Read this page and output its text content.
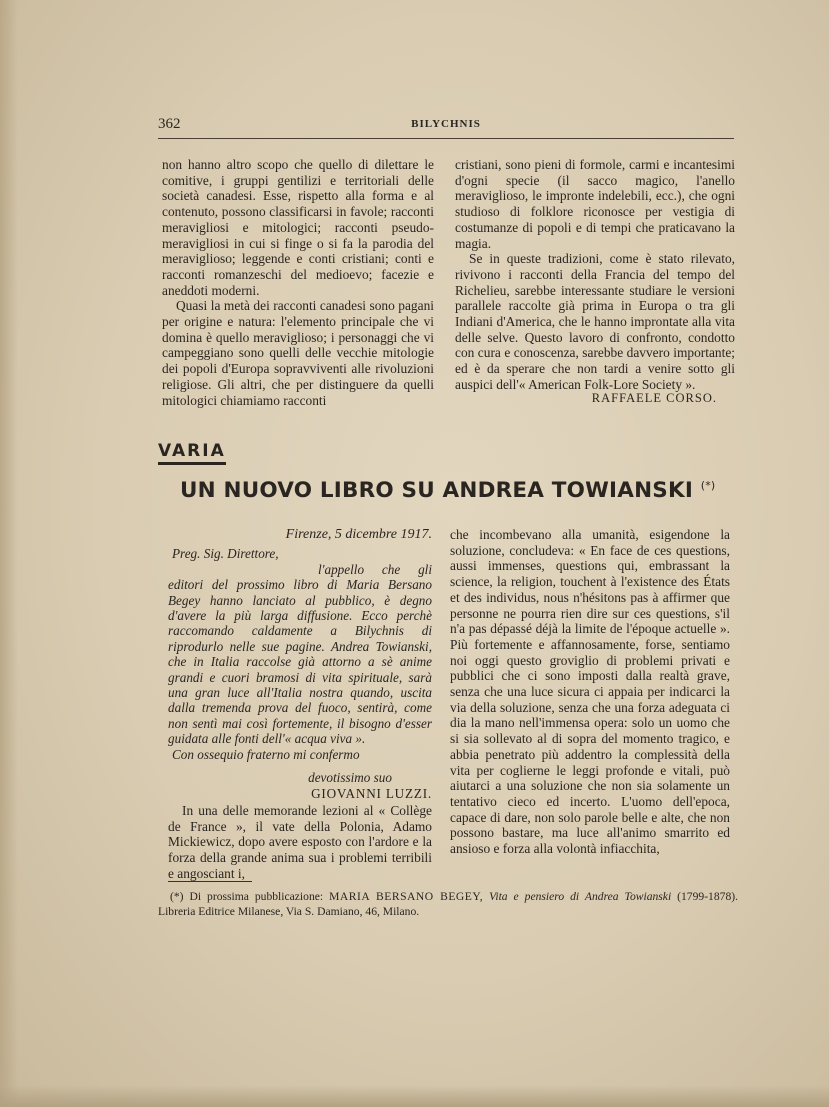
362	BILYCHNIS

non hanno altro scopo che quello di dilettare le comitive, i gruppi gentilizi e territoriali delle società canadesi. Esse, rispetto alla forma e al contenuto, possono classificarsi in favole; racconti meravigliosi e mitologici; racconti pseudo-meravigliosi in cui si finge o si fa la parodia del meraviglioso; leggende e conti cristiani; conti e racconti romanzeschi del medioevo; facezie e aneddoti moderni.

Quasi la metà dei racconti canadesi sono pagani per origine e natura: l'elemento principale che vi domina è quello meraviglioso; i personaggi che vi campeggiano sono quelli delle vecchie mitologie dei popoli d'Europa sopravviventi alle rivoluzioni religiose. Gli altri, che per distinguere da quelli mitologici chiamiamo racconti

cristiani, sono pieni di formole, carmi e incantesimi d'ogni specie (il sacco magico, l'anello meraviglioso, le impronte indelebili, ecc.), che ogni studioso di folklore riconosce per vestigia di costumanze di popoli e di tempi che praticavano la magia.

Se in queste tradizioni, come è stato rilevato, rivivono i racconti della Francia del tempo del Richelieu, sarebbe interessante studiare le versioni parallele raccolte già prima in Europa o tra gli Indiani d'America, che le hanno improntate alla vita delle selve. Questo lavoro di confronto, condotto con cura e conoscenza, sarebbe davvero importante; ed è da sperare che non tardi a venire sotto gli auspici dell'« American Folk-Lore Society ».

RAFFAELE CORSO.
VARIA
UN NUOVO LIBRO SU ANDREA TOWIANSKI (*)

Firenze, 5 dicembre 1917.

Preg. Sig. Direttore,

l'appello che gli editori del prossimo libro di Maria Bersano Begey hanno lanciato al pubblico, è degno d'avere la più larga diffusione. Ecco perchè raccomando caldamente a Bilychnis di riprodurlo nelle sue pagine. Andrea Towianski, che in Italia raccolse già attorno a sè anime grandi e cuori bramosi di vita spirituale, sarà una gran luce all'Italia nostra quando, uscita dalla tremenda prova del fuoco, sentirà, come non sentì mai così fortemente, il bisogno d'esser guidata alle fonti dell'« acqua viva ».

Con ossequio fraterno mi confermo

devotissimo suo

GIOVANNI LUZZI.

In una delle memorande lezioni al « Collège de France », il vate della Polonia, Adamo Mickiewicz, dopo avere esposto con l'ardore e la forza della grande anima sua i problemi terribili e angosciant i,

che incombevano alla umanità, esigendone la soluzione, concludeva: « En face de ces questions, aussi immenses, questions qui, embrassant la science, la religion, touchent à l'existence des États et des individus, nous n'hésitons pas à affirmer que personne ne pourra rien dire sur ces questions, s'il n'a pas dépassé déjà la limite de l'époque actuelle ». Più fortemente e affannosamente, forse, sentiamo noi oggi questo groviglio di problemi privati e pubblici che ci sono imposti dalla realtà grave, senza che una luce sicura ci appaia per indicarci la via della soluzione, senza che una forza adeguata ci dia la mano nell'immensa opera: solo un uomo che si sia sollevato al di sopra del momento tragico, e abbia penetrato più addentro la complessità della vita per coglierne le leggi profonde e vitali, può aiutarci a una soluzione che non sia solamente un tentativo cieco ed incerto. L'uomo dell'epoca, capace di dare, non solo parole belle e alte, che non possono bastare, ma luce all'animo smarrito ed ansioso e forza alla volontà infiacchita,

(*) Di prossima pubblicazione: MARIA BERSANO BEGEY, Vita e pensiero di Andrea Towianski (1799-1878). Libreria Editrice Milanese, Via S. Damiano, 46, Milano.
